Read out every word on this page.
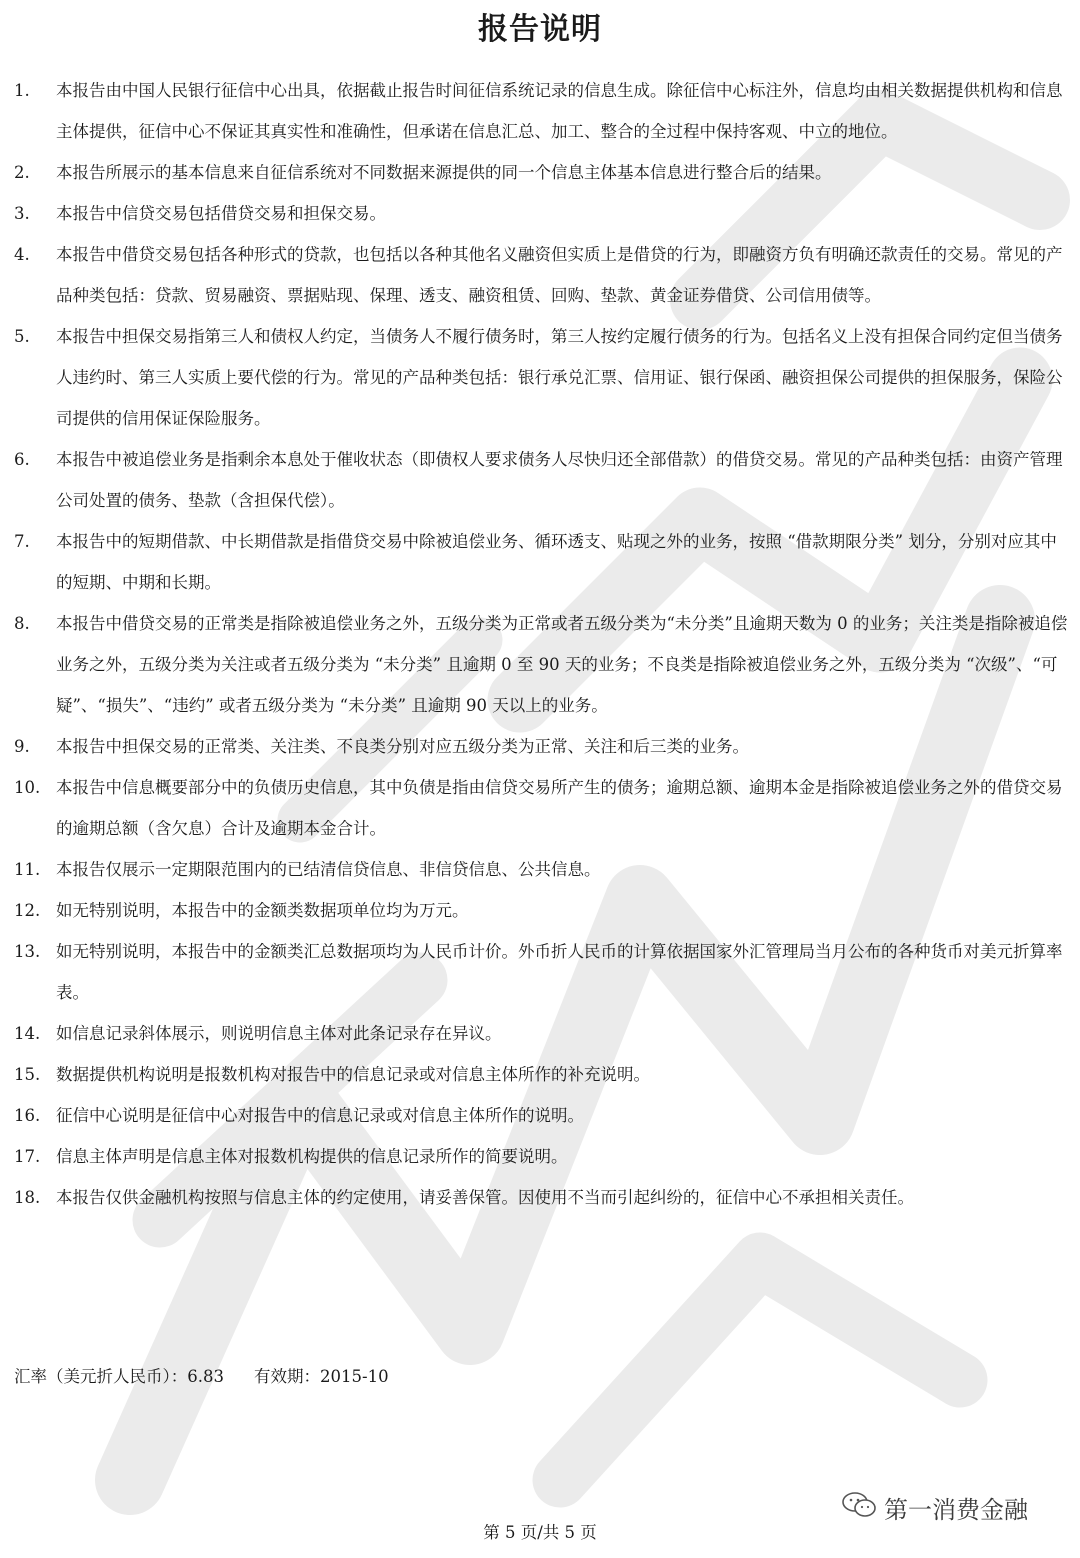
报告说明
1.	本报告由中国人民银行征信中心出具，依据截止报告时间征信系统记录的信息生成。除征信中心标注外，信息均由相关数据提供机构和信息主体提供，征信中心不保证其真实性和准确性，但承诺在信息汇总、加工、整合的全过程中保持客观、中立的地位。
2.	本报告所展示的基本信息来自征信系统对不同数据来源提供的同一个信息主体基本信息进行整合后的结果。
3.	本报告中信贷交易包括借贷交易和担保交易。
4.	本报告中借贷交易包括各种形式的贷款，也包括以各种其他名义融资但实质上是借贷的行为，即融资方负有明确还款责任的交易。常见的产品种类包括：贷款、贸易融资、票据贴现、保理、透支、融资租赁、回购、垫款、黄金证券借贷、公司信用债等。
5.	本报告中担保交易指第三人和债权人约定，当债务人不履行债务时，第三人按约定履行债务的行为。包括名义上没有担保合同约定但当债务人违约时、第三人实质上要代偿的行为。常见的产品种类包括：银行承兑汇票、信用证、银行保函、融资担保公司提供的担保服务，保险公司提供的信用保证保险服务。
6.	本报告中被追偿业务是指剩余本息处于催收状态（即债权人要求债务人尽快归还全部借款）的借贷交易。常见的产品种类包括：由资产管理公司处置的债务、垫款（含担保代偿）。
7.	本报告中的短期借款、中长期借款是指借贷交易中除被追偿业务、循环透支、贴现之外的业务，按照 “借款期限分类” 划分，分别对应其中的短期、中期和长期。
8.	本报告中借贷交易的正常类是指除被追偿业务之外，五级分类为正常或者五级分类为“未分类”且逾期天数为 0 的业务；关注类是指除被追偿业务之外，五级分类为关注或者五级分类为 “未分类” 且逾期 0 至 90 天的业务；不良类是指除被追偿业务之外，五级分类为 “次级”、“可疑”、“损失”、“违约” 或者五级分类为 “未分类” 且逾期 90 天以上的业务。
9.	本报告中担保交易的正常类、关注类、不良类分别对应五级分类为正常、关注和后三类的业务。
10. 本报告中信息概要部分中的负债历史信息，其中负债是指由信贷交易所产生的债务；逾期总额、逾期本金是指除被追偿业务之外的借贷交易的逾期总额（含欠息）合计及逾期本金合计。
11. 本报告仅展示一定期限范围内的已结清信贷信息、非信贷信息、公共信息。
12. 如无特别说明，本报告中的金额类数据项单位均为万元。
13. 如无特别说明，本报告中的金额类汇总数据项均为人民币计价。外币折人民币的计算依据国家外汇管理局当月公布的各种货币对美元折算率表。
14. 如信息记录斜体展示，则说明信息主体对此条记录存在异议。
15. 数据提供机构说明是报数机构对报告中的信息记录或对信息主体所作的补充说明。
16. 征信中心说明是征信中心对报告中的信息记录或对信息主体所作的说明。
17. 信息主体声明是信息主体对报数机构提供的信息记录所作的简要说明。
18. 本报告仅供金融机构按照与信息主体的约定使用，请妥善保管。因使用不当而引起纠纷的，征信中心不承担相关责任。
汇率（美元折人民币）：6.83 有效期：2015-10
第一消费金融
第 5 页/共 5 页
